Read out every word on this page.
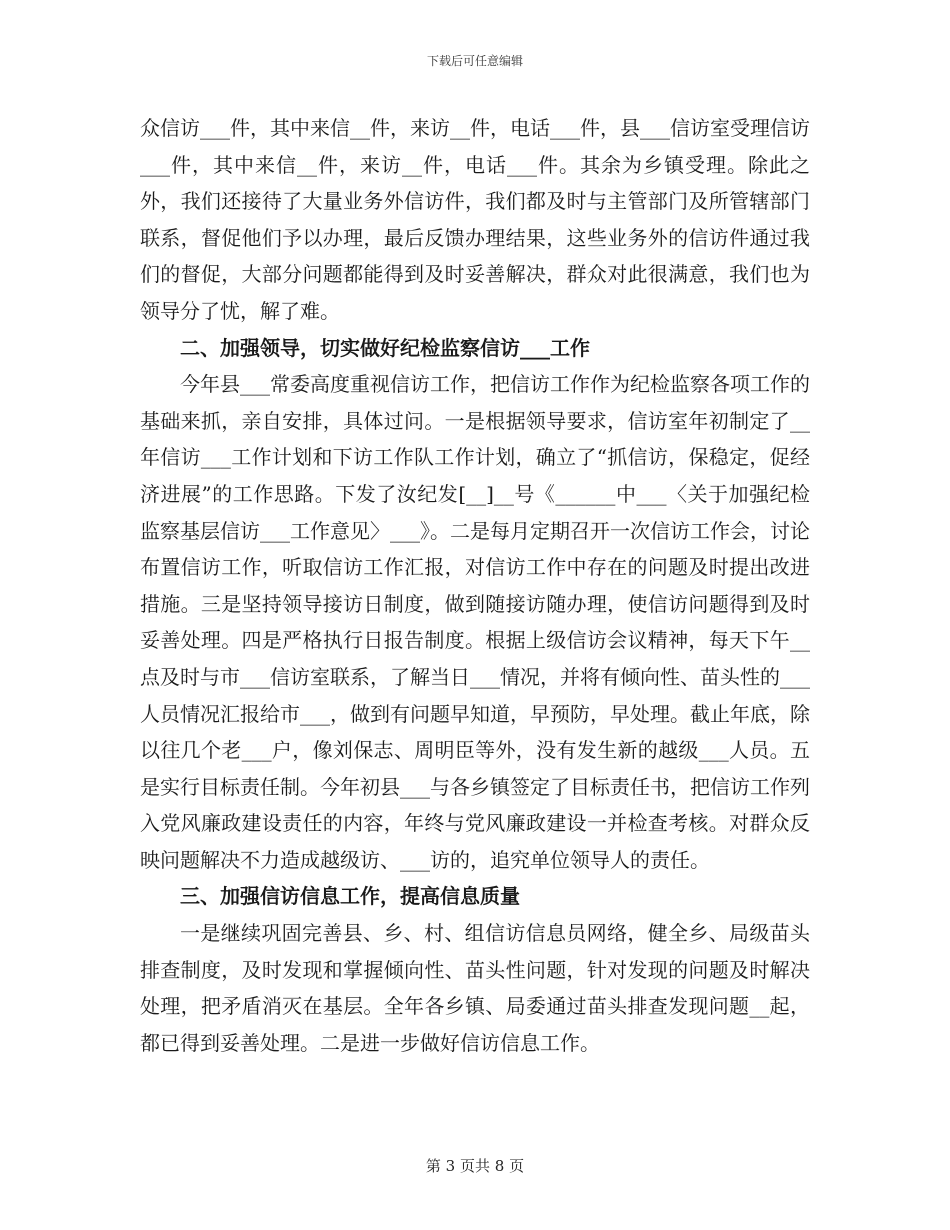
下载后可任意编辑

众信访___件，其中来信__件，来访__件，电话___件，县___信访室受理信访___件，其中来信__件，来访__件，电话___件。其余为乡镇受理。除此之外，我们还接待了大量业务外信访件，我们都及时与主管部门及所管辖部门联系，督促他们予以办理，最后反馈办理结果，这些业务外的信访件通过我们的督促，大部分问题都能得到及时妥善解决，群众对此很满意，我们也为领导分了忧，解了难。

二、加强领导，切实做好纪检监察信访___工作

今年县___常委高度重视信访工作，把信访工作作为纪检监察各项工作的基础来抓，亲自安排，具体过问。一是根据领导要求，信访室年初制定了__年信访___工作计划和下访工作队工作计划，确立了“抓信访，保稳定，促经济进展”的工作思路。下发了汝纪发[__]__号《______中___〈关于加强纪检监察基层信访___工作意见〉___》。二是每月定期召开一次信访工作会，讨论布置信访工作，听取信访工作汇报，对信访工作中存在的问题及时提出改进措施。三是坚持领导接访日制度，做到随接访随办理，使信访问题得到及时妥善处理。四是严格执行日报告制度。根据上级信访会议精神，每天下午__点及时与市___信访室联系，了解当日___情况，并将有倾向性、苗头性的___人员情况汇报给市___，做到有问题早知道，早预防，早处理。截止年底，除以往几个老___户，像刘保志、周明臣等外，没有发生新的越级___人员。五是实行目标责任制。今年初县___与各乡镇签定了目标责任书，把信访工作列入党风廉政建设责任的内容，年终与党风廉政建设一并检查考核。对群众反映问题解决不力造成越级访、___访的，追究单位领导人的责任。

三、加强信访信息工作，提高信息质量

一是继续巩固完善县、乡、村、组信访信息员网络，健全乡、局级苗头排查制度，及时发现和掌握倾向性、苗头性问题，针对发现的问题及时解决处理，把矛盾消灭在基层。全年各乡镇、局委通过苗头排查发现问题__起，都已得到妥善处理。二是进一步做好信访信息工作。

第 3 页共 8 页
